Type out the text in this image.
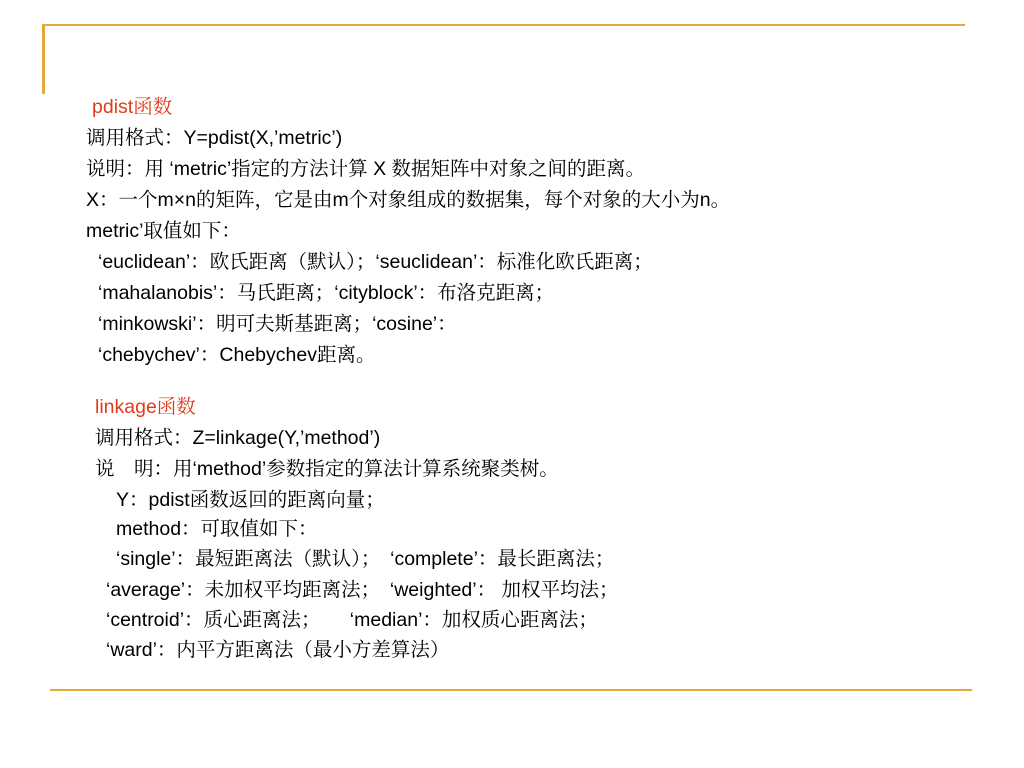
pdist函数
调用格式：Y=pdist(X,’metric’)
说明：用 ‘metric’指定的方法计算 X 数据矩阵中对象之间的距离。
X：一个m×n的矩阵，它是由m个对象组成的数据集，每个对象的大小为n。
metric’取值如下：
‘euclidean’：欧氏距离（默认）；‘seuclidean’：标准化欧氏距离；
‘mahalanobis’：马氏距离；‘cityblock’：布洛克距离；
‘minkowski’：明可夫斯基距离；‘cosine’：
‘chebychev’：Chebychev距离。
linkage函数
调用格式：Z=linkage(Y,’method’)
说　明：用‘method’参数指定的算法计算系统聚类树。
Y：pdist函数返回的距离向量；
method：可取值如下：
‘single’：最短距离法（默认）；　‘complete’：最长距离法；
‘average’：未加权平均距离法；　‘weighted’： 加权平均法；
‘centroid’：质心距离法；　　‘median’：加权质心距离法；
‘ward’：内平方距离法（最小方差算法）
